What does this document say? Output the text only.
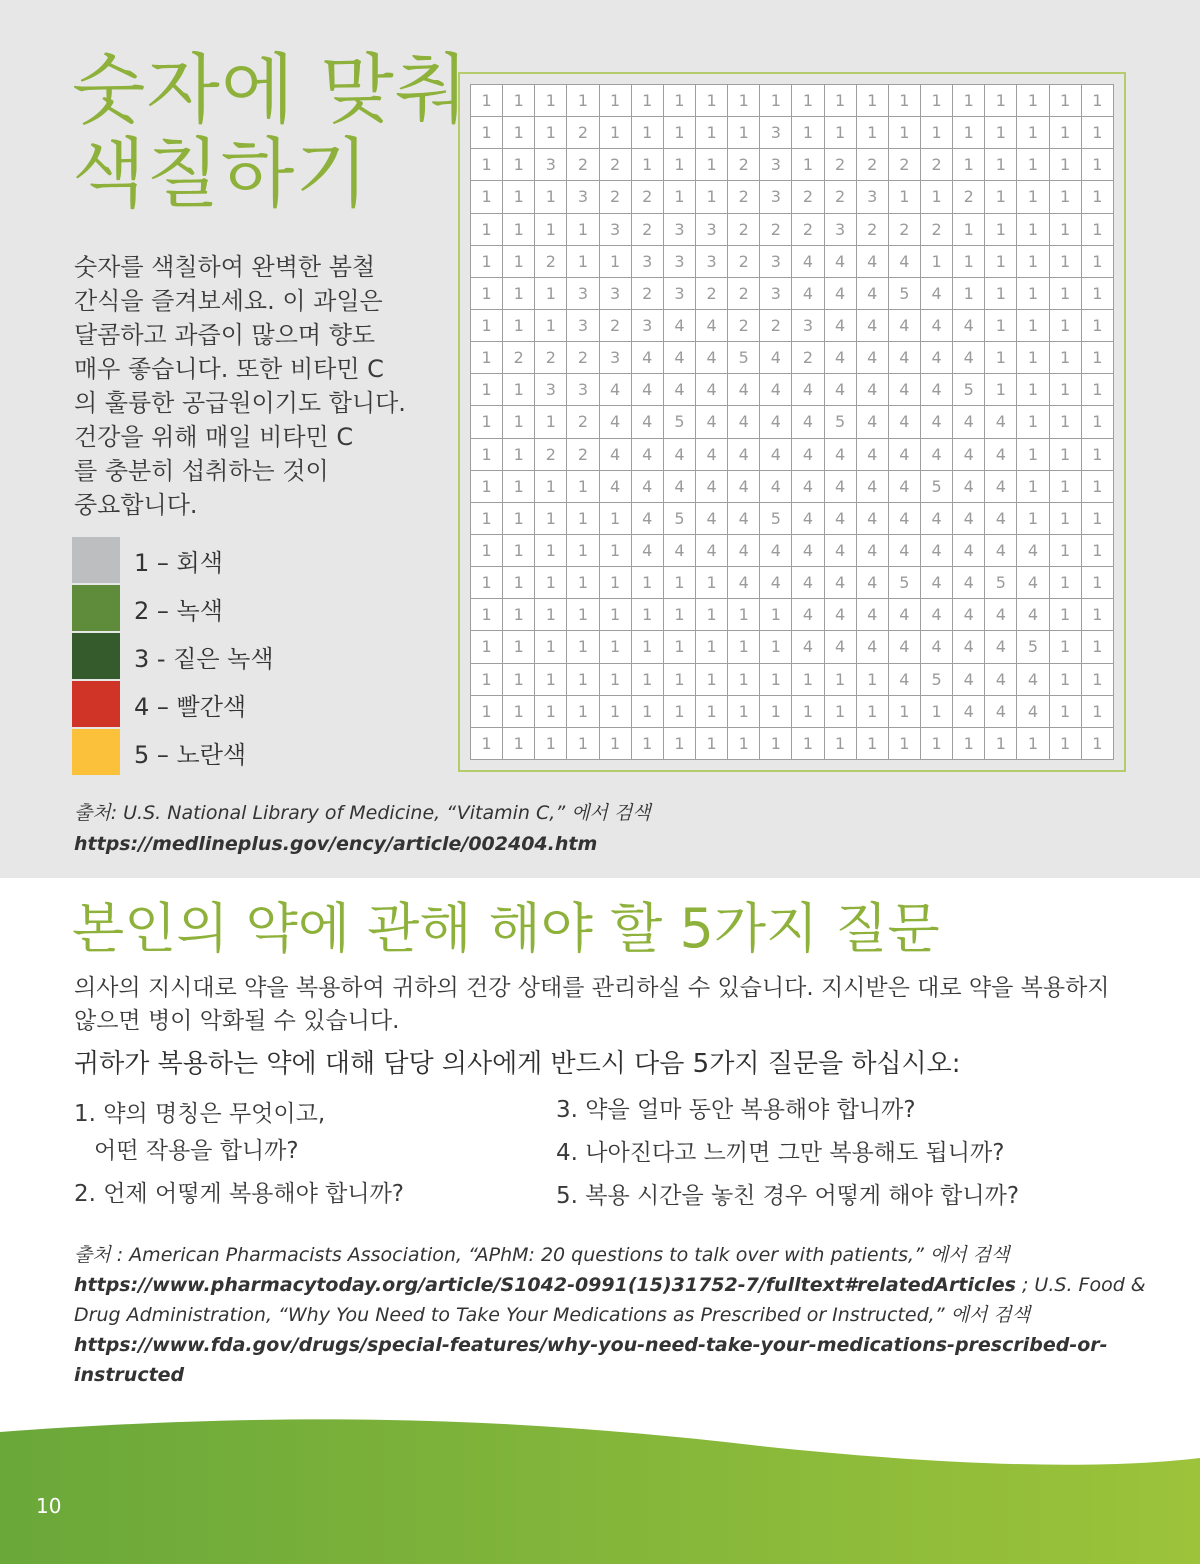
숫자에 맞춰
색칠하기

숫자를 색칠하여 완벽한 봄철
간식을 즐겨보세요. 이 과일은
달콤하고 과즙이 많으며 향도
매우 좋습니다. 또한 비타민 C
의 훌륭한 공급원이기도 합니다.
건강을 위해 매일 비타민 C
를 충분히 섭취하는 것이
중요합니다.

1 – 회색
2 – 녹색
3 - 짙은 녹색
4 – 빨간색
5 – 노란색
1	1	1	1	1	1	1	1	1	1	1	1	1	1	1	1	1	1	1	1
1	1	1	2	1	1	1	1	1	3	1	1	1	1	1	1	1	1	1	1
1	1	3	2	2	1	1	1	2	3	1	2	2	2	2	1	1	1	1	1
1	1	1	3	2	2	1	1	2	3	2	2	3	1	1	2	1	1	1	1
1	1	1	1	3	2	3	3	2	2	2	3	2	2	2	1	1	1	1	1
1	1	2	1	1	3	3	3	2	3	4	4	4	4	1	1	1	1	1	1
1	1	1	3	3	2	3	2	2	3	4	4	4	5	4	1	1	1	1	1
1	1	1	3	2	3	4	4	2	2	3	4	4	4	4	4	1	1	1	1
1	2	2	2	3	4	4	4	5	4	2	4	4	4	4	4	1	1	1	1
1	1	3	3	4	4	4	4	4	4	4	4	4	4	4	5	1	1	1	1
1	1	1	2	4	4	5	4	4	4	4	5	4	4	4	4	4	1	1	1
1	1	2	2	4	4	4	4	4	4	4	4	4	4	4	4	4	1	1	1
1	1	1	1	4	4	4	4	4	4	4	4	4	4	5	4	4	1	1	1
1	1	1	1	1	4	5	4	4	5	4	4	4	4	4	4	4	1	1	1
1	1	1	1	1	4	4	4	4	4	4	4	4	4	4	4	4	4	1	1
1	1	1	1	1	1	1	1	4	4	4	4	4	5	4	4	5	4	1	1
1	1	1	1	1	1	1	1	1	1	4	4	4	4	4	4	4	4	1	1
1	1	1	1	1	1	1	1	1	1	4	4	4	4	4	4	4	5	1	1
1	1	1	1	1	1	1	1	1	1	1	1	1	4	5	4	4	4	1	1
1	1	1	1	1	1	1	1	1	1	1	1	1	1	1	4	4	4	1	1
1	1	1	1	1	1	1	1	1	1	1	1	1	1	1	1	1	1	1	1

출처: U.S. National Library of Medicine, “Vitamin C,” 에서 검색 https://medlineplus.gov/ency/article/002404.htm

본인의 약에 관해 해야 할 5가지 질문

의사의 지시대로 약을 복용하여 귀하의 건강 상태를 관리하실 수 있습니다. 지시받은 대로 약을 복용하지 않으면 병이 악화될 수 있습니다.

귀하가 복용하는 약에 대해 담당 의사에게 반드시 다음 5가지 질문을 하십시오:

1. 약의 명칭은 무엇이고,
어떤 작용을 합니까?
2. 언제 어떻게 복용해야 합니까?
3. 약을 얼마 동안 복용해야 합니까?
4. 나아진다고 느끼면 그만 복용해도 됩니까?
5. 복용 시간을 놓친 경우 어떻게 해야 합니까?

출처 : American Pharmacists Association, “APhM: 20 questions to talk over with patients,” 에서 검색
https://www.pharmacytoday.org/article/S1042-0991(15)31752-7/fulltext#relatedArticles ; U.S. Food & Drug Administration, “Why You Need to Take Your Medications as Prescribed or Instructed,” 에서 검색
https://www.fda.gov/drugs/special-features/why-you-need-take-your-medications-prescribed-or-instructed

10
